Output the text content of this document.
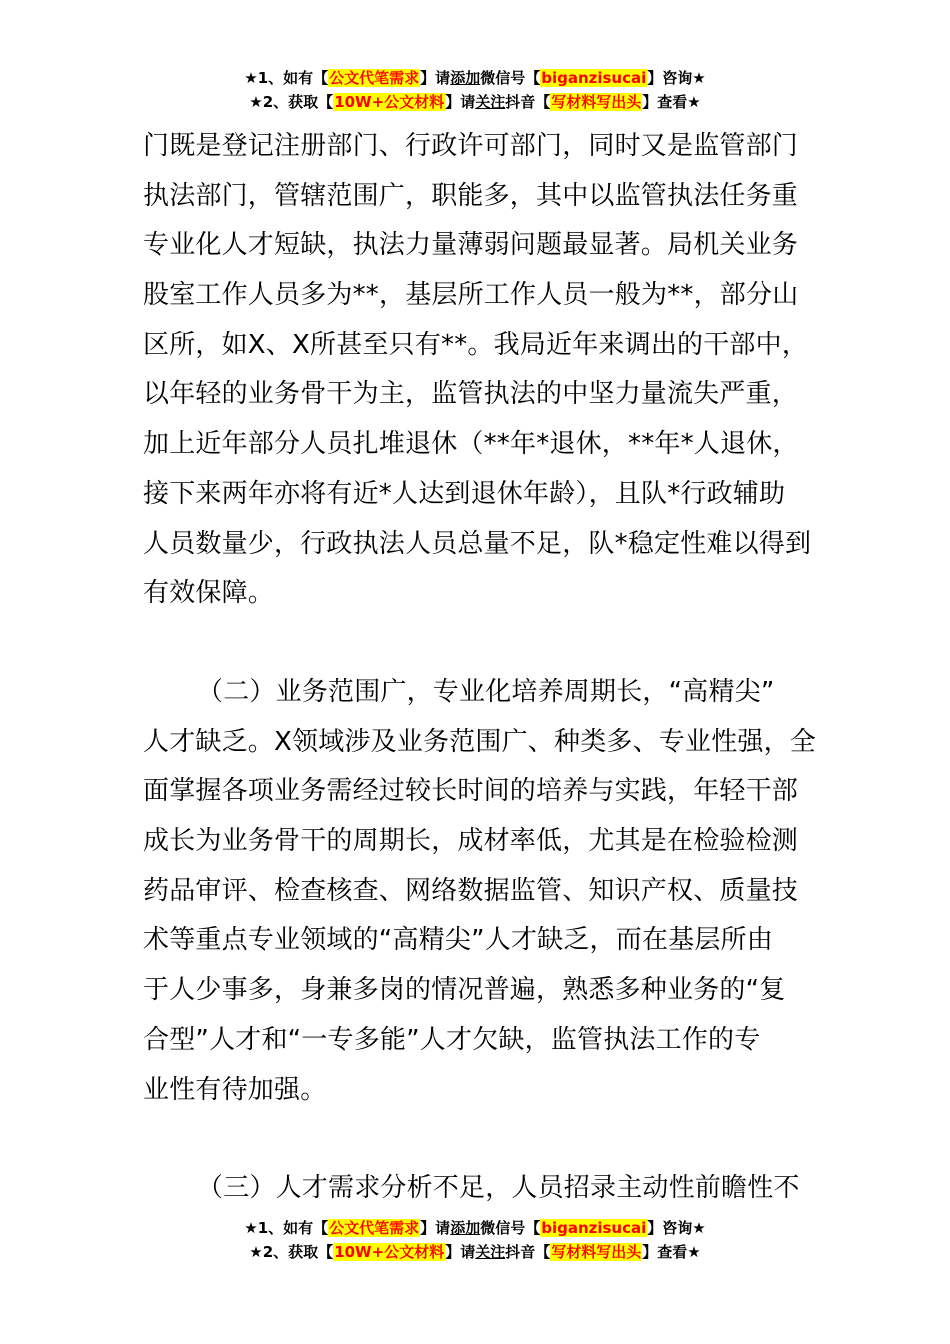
★1、如有【公文代笔需求】请添加微信号【biganzisucai】咨询★
★2、获取【10W+公文材料】请关注抖音【写材料写出头】查看★
门既是登记注册部门、行政许可部门，同时又是监管部门
执法部门，管辖范围广，职能多，其中以监管执法任务重
专业化人才短缺，执法力量薄弱问题最显著。局机关业务
股室工作人员多为**，基层所工作人员一般为**，部分山
区所，如X、X所甚至只有**。我局近年来调出的干部中，
以年轻的业务骨干为主，监管执法的中坚力量流失严重，
加上近年部分人员扎堆退休（**年*退休，**年*人退休，
接下来两年亦将有近*人达到退休年龄），且队*行政辅助
人员数量少，行政执法人员总量不足，队*稳定性难以得到
有效保障。
（二）业务范围广，专业化培养周期长，“高精尖”
人才缺乏。X领域涉及业务范围广、种类多、专业性强，全
面掌握各项业务需经过较长时间的培养与实践，年轻干部
成长为业务骨干的周期长，成材率低，尤其是在检验检测
药品审评、检查核查、网络数据监管、知识产权、质量技
术等重点专业领域的“高精尖”人才缺乏，而在基层所由
于人少事多，身兼多岗的情况普遍，熟悉多种业务的“复
合型”人才和“一专多能”人才欠缺，监管执法工作的专
业性有待加强。
（三）人才需求分析不足，人员招录主动性前瞻性不
★1、如有【公文代笔需求】请添加微信号【biganzisucai】咨询★
★2、获取【10W+公文材料】请关注抖音【写材料写出头】查看★
